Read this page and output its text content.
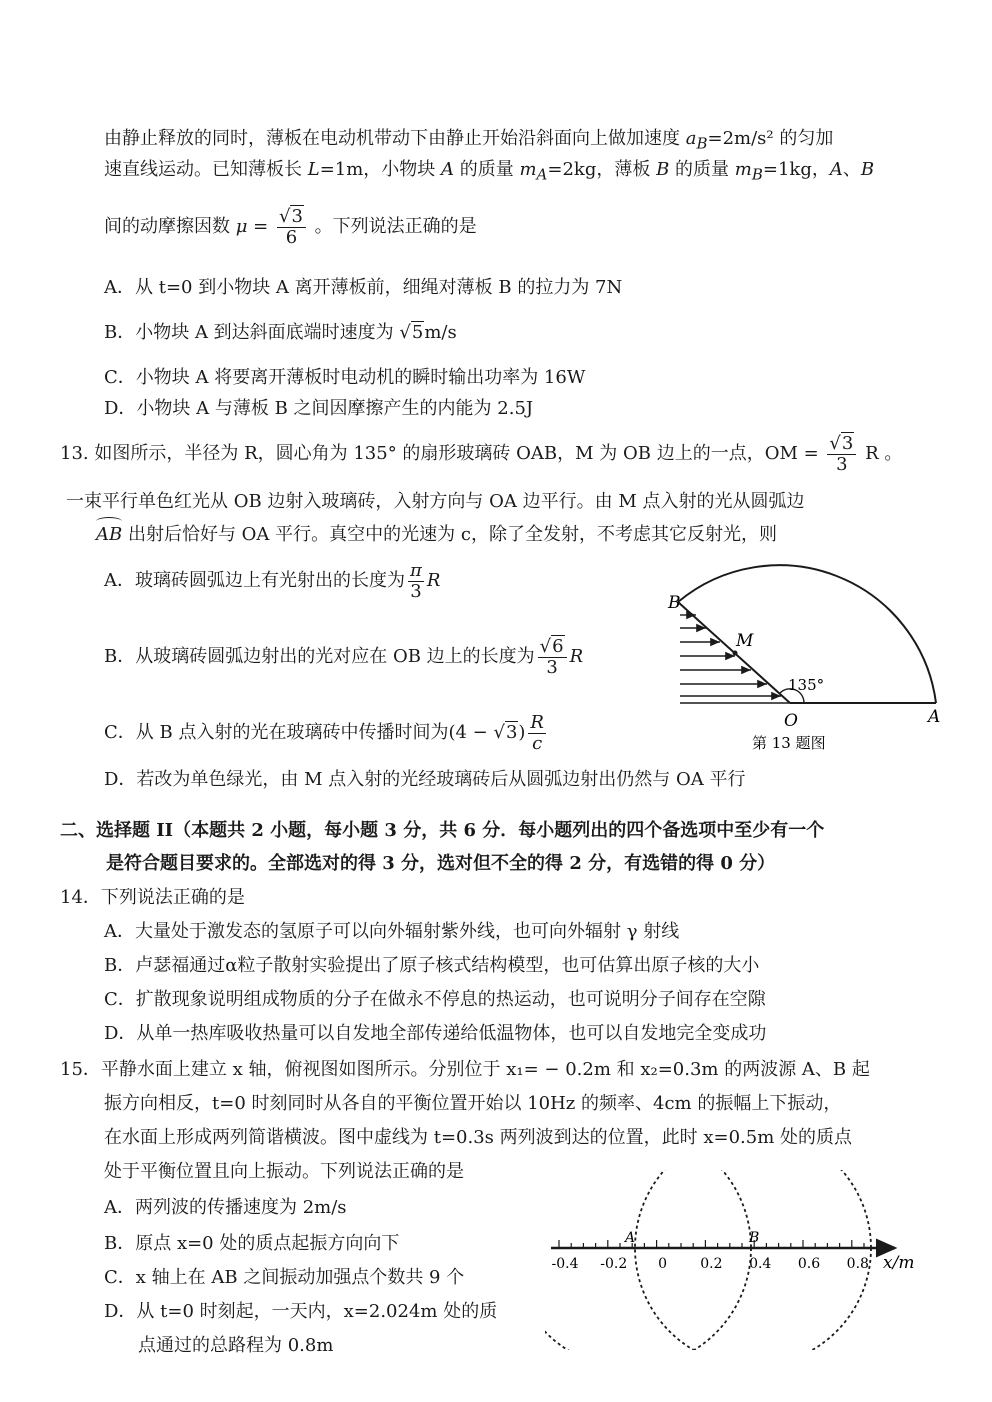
由静止释放的同时，薄板在电动机带动下由静止开始沿斜面向上做加速度 $a_B=2m/s^2$ 的匀加
速直线运动。已知薄板长 L=1m，小物块 A 的质量 $m_A=2kg$，薄板 B 的质量 $m_B=1kg$，A、B
间的动摩擦因数 $\mu = \frac{√3}{6}$ 。下列说法正确的是
A．从 t=0 到小物块 A 离开薄板前，细绳对薄板 B 的拉力为 7N
B．小物块 A 到达斜面底端时速度为 √5m/s
C．小物块 A 将要离开薄板时电动机的瞬时输出功率为 16W
D．小物块 A 与薄板 B 之间因摩擦产生的内能为 2.5J
13. 如图所示，半径为 R，圆心角为 135° 的扇形玻璃砖 OAB，M 为 OB 边上的一点，OM = $\frac{√3}{3}$ R 。
一束平行单色红光从 OB 边射入玻璃砖，入射方向与 OA 边平行。由 M 点入射的光从圆弧边
AB 出射后恰好与 OA 平行。真空中的光速为 c，除了全发射，不考虑其它反射光，则
A．玻璃砖圆弧边上有光射出的长度为 $\frac{\pi}{3}$ R
B．从玻璃砖圆弧边射出的光对应在 OB 边上的长度为 $\frac{√6}{3}$ R
C．从 B 点入射的光在玻璃砖中传播时间为$(4 - √3) \frac{R}{c}$
D．若改为单色绿光，由 M 点入射的光经玻璃砖后从圆弧边射出仍然与 OA 平行
B
M
135°
O	A
第 13 题图
二、选择题 II（本题共 2 小题，每小题 3 分，共 6 分．每小题列出的四个备选项中至少有一个
是符合题目要求的。全部选对的得 3 分，选对但不全的得 2 分，有选错的得 0 分）
14．下列说法正确的是
A．大量处于激发态的氢原子可以向外辐射紫外线，也可向外辐射 γ 射线
B．卢瑟福通过α粒子散射实验提出了原子核式结构模型，也可估算出原子核的大小
C．扩散现象说明组成物质的分子在做永不停息的热运动，也可说明分子间存在空隙
D．从单一热库吸收热量可以自发地全部传递给低温物体，也可以自发地完全变成功
15．平静水面上建立 x 轴，俯视图如图所示。分别位于 x₁= − 0.2m 和 x₂=0.3m 的两波源 A、B 起
振方向相反，t=0 时刻同时从各自的平衡位置开始以 10Hz 的频率、4cm 的振幅上下振动，
在水面上形成两列简谐横波。图中虚线为 t=0.3s 两列波到达的位置，此时 x=0.5m 处的质点
处于平衡位置且向上振动。下列说法正确的是
A．两列波的传播速度为 2m/s
B．原点 x=0 处的质点起振方向向下
C．x 轴上在 AB 之间振动加强点个数共 9 个
D．从 t=0 时刻起，一天内，x=2.024m 处的质
点通过的总路程为 0.8m
-0.4 -0.2 0 0.2 0.4 0.6 0.8
A	B
x/m
